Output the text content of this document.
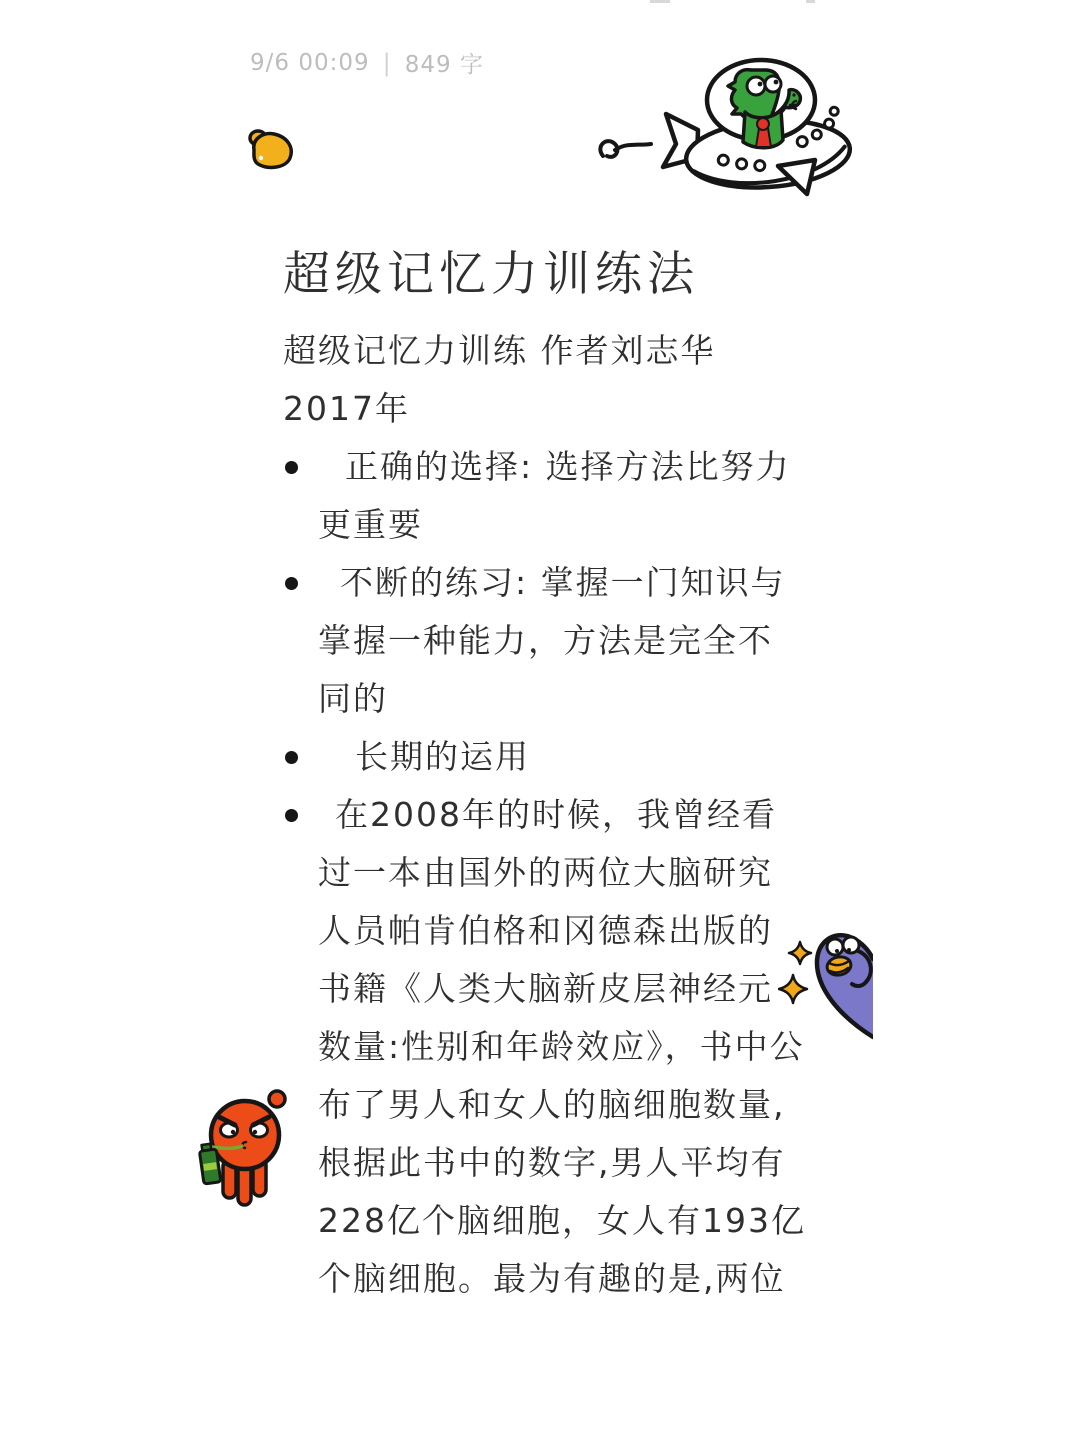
9/6 00:09 | 849 字
超级记忆力训练法

超级记忆力训练 作者刘志华 2017年

正确的选择: 选择方法比努力更重要
不断的练习: 掌握一门知识与掌握一种能力，方法是完全不同的
长期的运用
在2008年的时候，我曾经看过一本由国外的两位大脑研究人员帕肯伯格和冈德森出版的书籍《人类大脑新皮层神经元数量:性别和年龄效应》，书中公布了男人和女人的脑细胞数量,根据此书中的数字,男人平均有228亿个脑细胞，女人有193亿个脑细胞。最为有趣的是,两位
